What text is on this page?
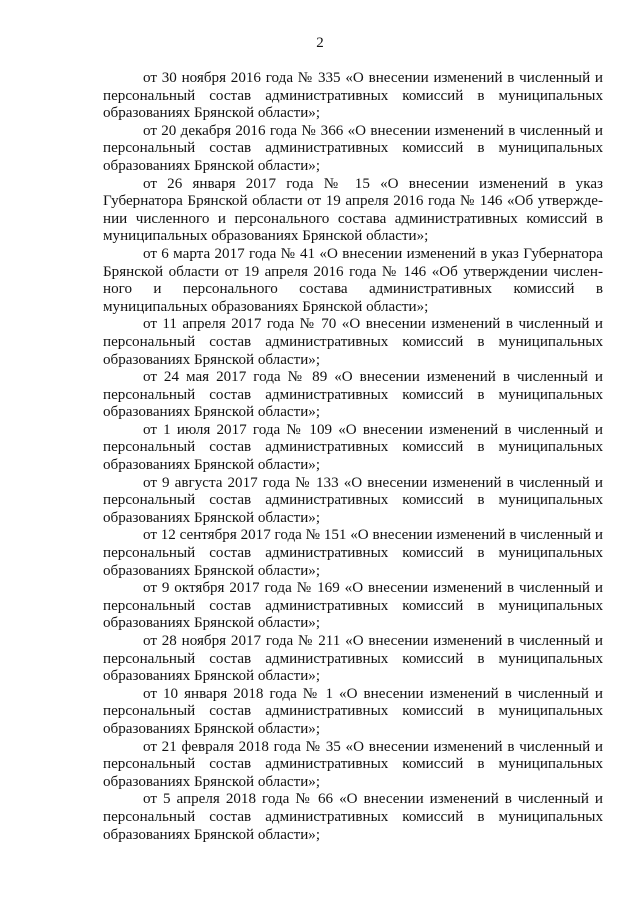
2

от 30 ноября 2016 года № 335 «О внесении изменений в численный и персональный состав административных комиссий в муниципальных образованиях Брянской области»;

от 20 декабря 2016 года № 366 «О внесении изменений в численный и персональный состав административных комиссий в муниципальных образованиях Брянской области»;

от 26 января 2017 года № 15 «О внесении изменений в указ Губернатора Брянской области от 19 апреля 2016 года № 146 «Об утверждении численного и персонального состава административных комиссий в муниципальных образованиях Брянской области»;

от 6 марта 2017 года № 41 «О внесении изменений в указ Губернатора Брянской области от 19 апреля 2016 года № 146 «Об утверждении численного и персонального состава административных комиссий в муниципальных образованиях Брянской области»;

от 11 апреля 2017 года № 70 «О внесении изменений в численный и персональный состав административных комиссий в муниципальных образованиях Брянской области»;

от 24 мая 2017 года № 89 «О внесении изменений в численный и персональный состав административных комиссий в муниципальных образованиях Брянской области»;

от 1 июля 2017 года № 109 «О внесении изменений в численный и персональный состав административных комиссий в муниципальных образованиях Брянской области»;

от 9 августа 2017 года № 133 «О внесении изменений в численный и персональный состав административных комиссий в муниципальных образованиях Брянской области»;

от 12 сентября 2017 года № 151 «О внесении изменений в численный и персональный состав административных комиссий в муниципальных образованиях Брянской области»;

от 9 октября 2017 года № 169 «О внесении изменений в численный и персональный состав административных комиссий в муниципальных образованиях Брянской области»;

от 28 ноября 2017 года № 211 «О внесении изменений в численный и персональный состав административных комиссий в муниципальных образованиях Брянской области»;

от 10 января 2018 года № 1 «О внесении изменений в численный и персональный состав административных комиссий в муниципальных образованиях Брянской области»;

от 21 февраля 2018 года № 35 «О внесении изменений в численный и персональный состав административных комиссий в муниципальных образованиях Брянской области»;

от 5 апреля 2018 года № 66 «О внесении изменений в численный и персональный состав административных комиссий в муниципальных образованиях Брянской области»;
